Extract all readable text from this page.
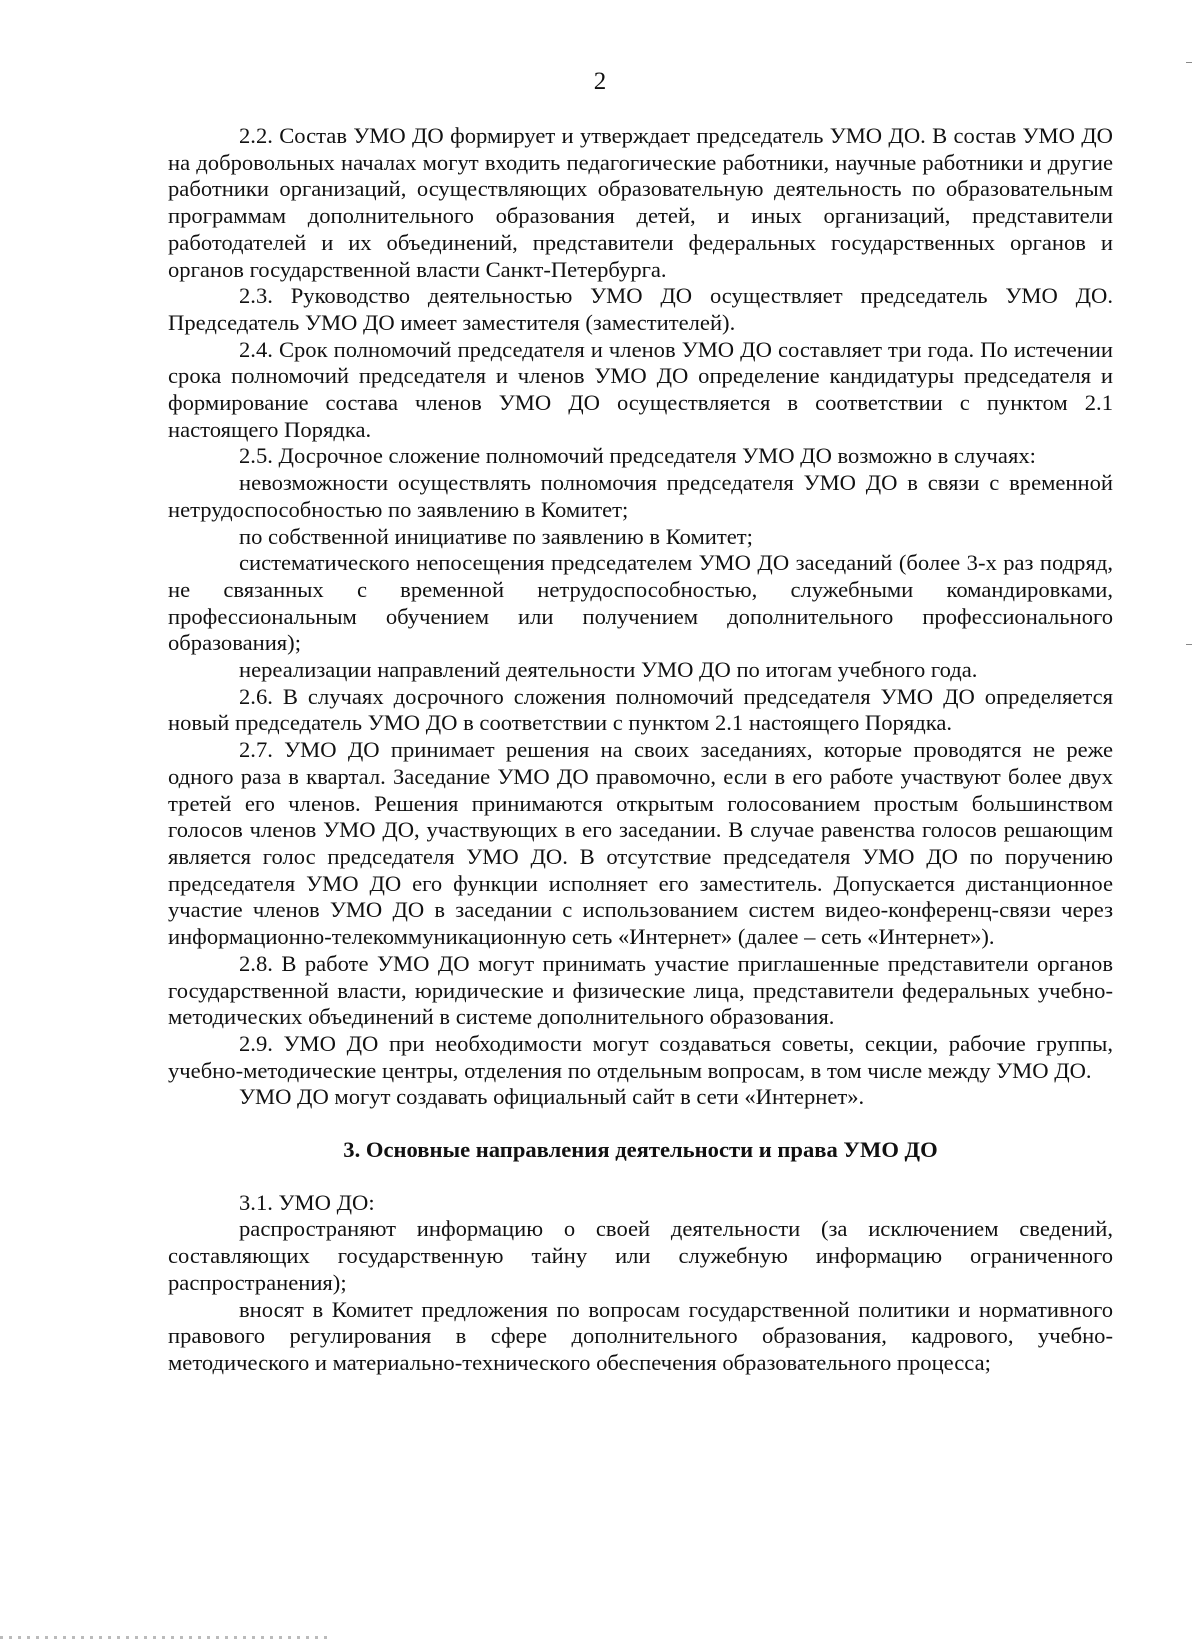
2

2.2. Состав УМО ДО формирует и утверждает председатель УМО ДО. В состав УМО ДО на добровольных началах могут входить педагогические работники, научные работники и другие работники организаций, осуществляющих образовательную деятельность по образовательным программам дополнительного образования детей, и иных организаций, представители работодателей и их объединений, представители федеральных государственных органов и органов государственной власти Санкт-Петербурга.

2.3. Руководство деятельностью УМО ДО осуществляет председатель УМО ДО. Председатель УМО ДО имеет заместителя (заместителей).

2.4. Срок полномочий председателя и членов УМО ДО составляет три года. По истечении срока полномочий председателя и членов УМО ДО определение кандидатуры председателя и формирование состава членов УМО ДО осуществляется в соответствии с пунктом 2.1 настоящего Порядка.

2.5. Досрочное сложение полномочий председателя УМО ДО возможно в случаях:

невозможности осуществлять полномочия председателя УМО ДО в связи с временной нетрудоспособностью по заявлению в Комитет;

по собственной инициативе по заявлению в Комитет;

систематического непосещения председателем УМО ДО заседаний (более 3-х раз подряд, не связанных с временной нетрудоспособностью, служебными командировками, профессиональным обучением или получением дополнительного профессионального образования);

нереализации направлений деятельности УМО ДО по итогам учебного года.

2.6. В случаях досрочного сложения полномочий председателя УМО ДО определяется новый председатель УМО ДО в соответствии с пунктом 2.1 настоящего Порядка.

2.7. УМО ДО принимает решения на своих заседаниях, которые проводятся не реже одного раза в квартал. Заседание УМО ДО правомочно, если в его работе участвуют более двух третей его членов. Решения принимаются открытым голосованием простым большинством голосов членов УМО ДО, участвующих в его заседании. В случае равенства голосов решающим является голос председателя УМО ДО. В отсутствие председателя УМО ДО по поручению председателя УМО ДО его функции исполняет его заместитель. Допускается дистанционное участие членов УМО ДО в заседании с использованием систем видео-конференц-связи через информационно-телекоммуникационную сеть «Интернет» (далее – сеть «Интернет»).

2.8. В работе УМО ДО могут принимать участие приглашенные представители органов государственной власти, юридические и физические лица, представители федеральных учебно-методических объединений в системе дополнительного образования.

2.9. УМО ДО при необходимости могут создаваться советы, секции, рабочие группы, учебно-методические центры, отделения по отдельным вопросам, в том числе между УМО ДО.

УМО ДО могут создавать официальный сайт в сети «Интернет».

3. Основные направления деятельности и права УМО ДО

3.1. УМО ДО:

распространяют информацию о своей деятельности (за исключением сведений, составляющих государственную тайну или служебную информацию ограниченного распространения);

вносят в Комитет предложения по вопросам государственной политики и нормативного правового регулирования в сфере дополнительного образования, кадрового, учебно-методического и материально-технического обеспечения образовательного процесса;
